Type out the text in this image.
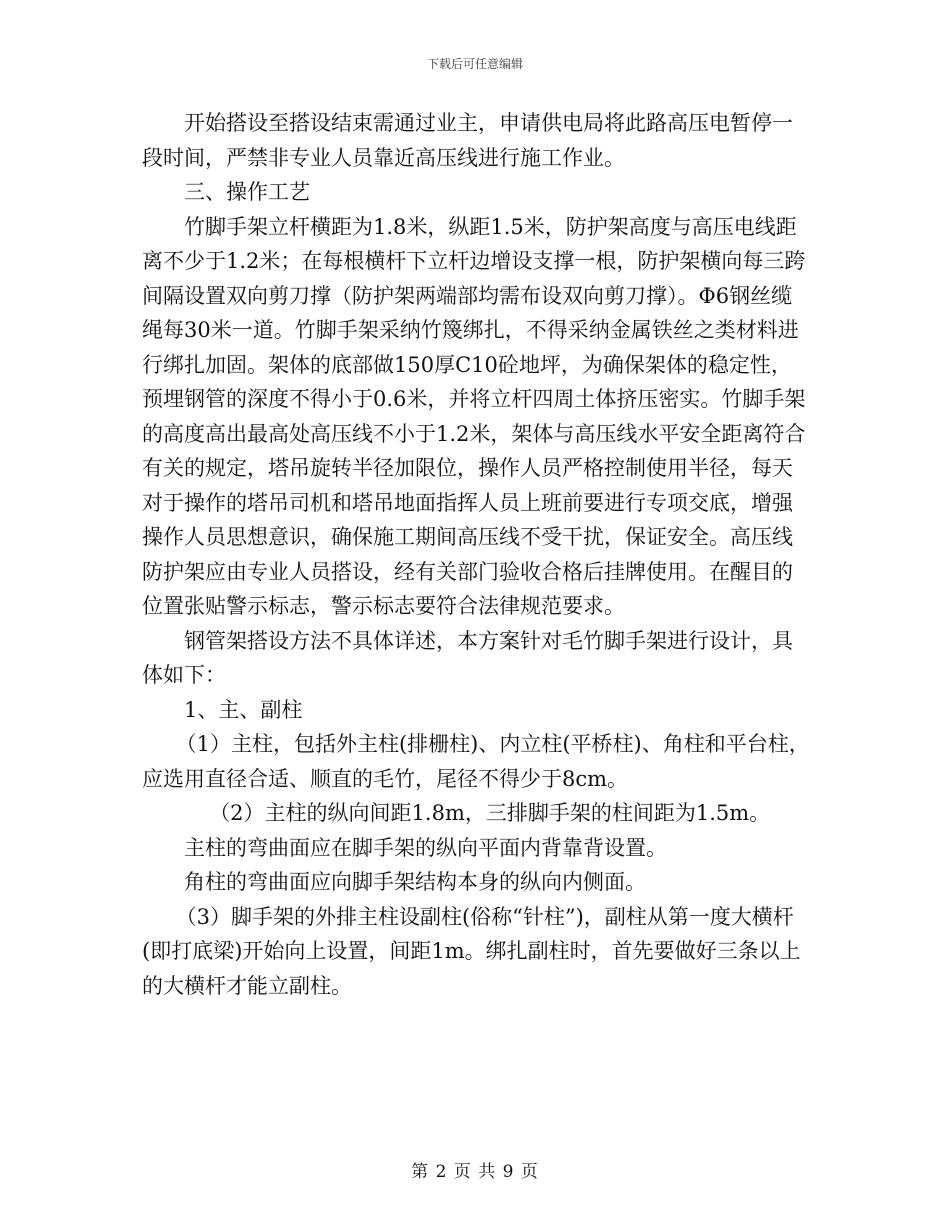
下载后可任意编辑

开始搭设至搭设结束需通过业主，申请供电局将此路高压电暂停一段时间，严禁非专业人员靠近高压线进行施工作业。

三、操作工艺

竹脚手架立杆横距为1.8米，纵距1.5米，防护架高度与高压电线距离不少于1.2米；在每根横杆下立杆边增设支撑一根，防护架横向每三跨间隔设置双向剪刀撑（防护架两端部均需布设双向剪刀撑）。Φ6钢丝缆绳每30米一道。竹脚手架采纳竹篾绑扎，不得采纳金属铁丝之类材料进行绑扎加固。架体的底部做150厚C10砼地坪，为确保架体的稳定性，预埋钢管的深度不得小于0.6米，并将立杆四周土体挤压密实。竹脚手架的高度高出最高处高压线不小于1.2米，架体与高压线水平安全距离符合有关的规定，塔吊旋转半径加限位，操作人员严格控制使用半径，每天对于操作的塔吊司机和塔吊地面指挥人员上班前要进行专项交底，增强操作人员思想意识，确保施工期间高压线不受干扰，保证安全。高压线防护架应由专业人员搭设，经有关部门验收合格后挂牌使用。在醒目的位置张贴警示标志，警示标志要符合法律规范要求。

钢管架搭设方法不具体详述，本方案针对毛竹脚手架进行设计，具体如下：

1、主、副柱

（1）主柱，包括外主柱(排栅柱)、内立柱(平桥柱)、角柱和平台柱，应选用直径合适、顺直的毛竹，尾径不得少于8cm。

（2）主柱的纵向间距1.8m，三排脚手架的柱间距为1.5m。

主柱的弯曲面应在脚手架的纵向平面内背靠背设置。

角柱的弯曲面应向脚手架结构本身的纵向内侧面。

（3）脚手架的外排主柱设副柱(俗称“针柱”)，副柱从第一度大横杆(即打底梁)开始向上设置，间距1m。绑扎副柱时，首先要做好三条以上的大横杆才能立副柱。

第 2 页 共 9 页
